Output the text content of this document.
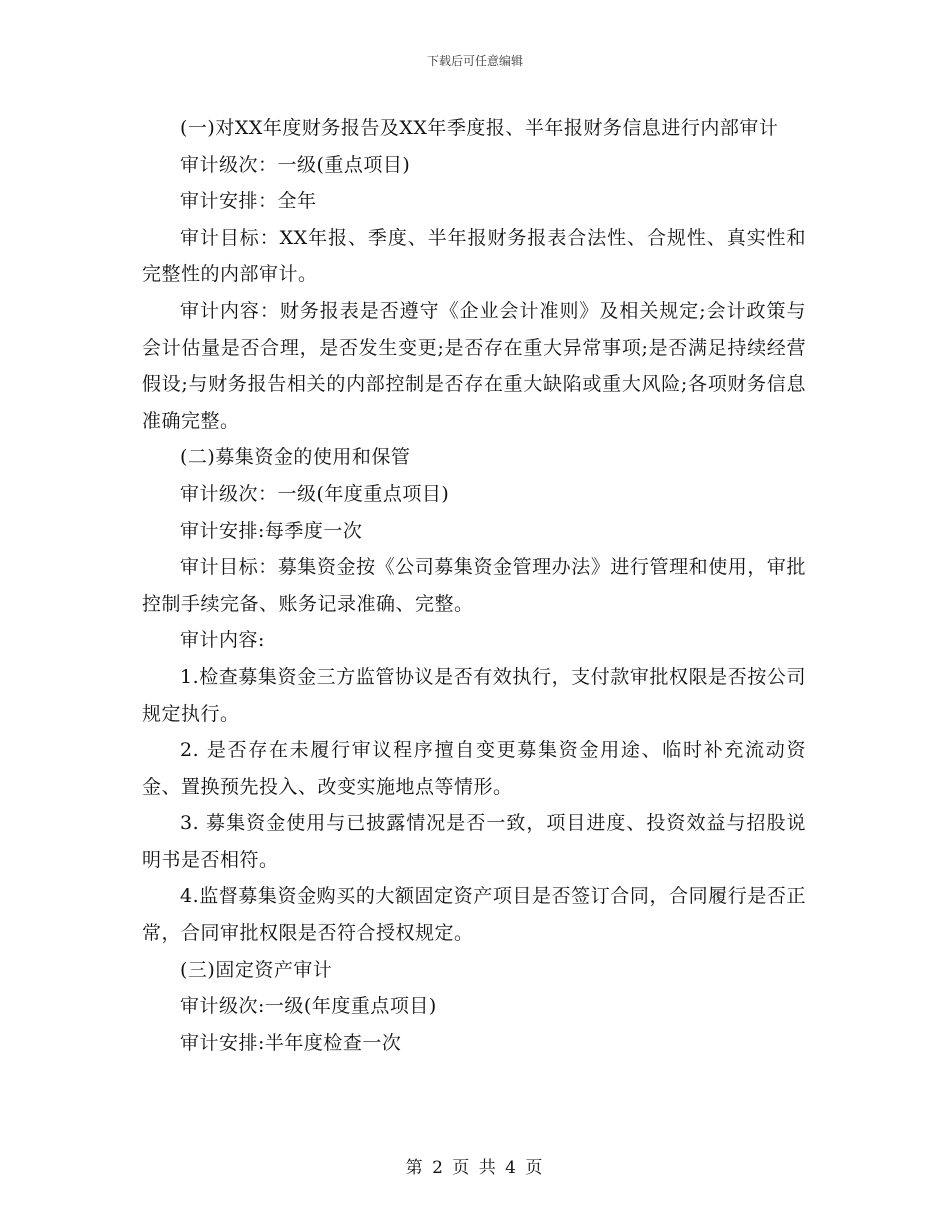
下载后可任意编辑

(一)对XX年度财务报告及XX年季度报、半年报财务信息进行内部审计

审计级次：一级(重点项目)

审计安排：全年

审计目标：XX年报、季度、半年报财务报表合法性、合规性、真实性和完整性的内部审计。

审计内容：财务报表是否遵守《企业会计准则》及相关规定;会计政策与会计估量是否合理，是否发生变更;是否存在重大异常事项;是否满足持续经营假设;与财务报告相关的内部控制是否存在重大缺陷或重大风险;各项财务信息准确完整。

(二)募集资金的使用和保管

审计级次：一级(年度重点项目)

审计安排:每季度一次

审计目标：募集资金按《公司募集资金管理办法》进行管理和使用，审批控制手续完备、账务记录准确、完整。

审计内容:

1.检查募集资金三方监管协议是否有效执行，支付款审批权限是否按公司规定执行。

2. 是否存在未履行审议程序擅自变更募集资金用途、临时补充流动资金、置换预先投入、改变实施地点等情形。

3. 募集资金使用与已披露情况是否一致，项目进度、投资效益与招股说明书是否相符。

4.监督募集资金购买的大额固定资产项目是否签订合同，合同履行是否正常，合同审批权限是否符合授权规定。

(三)固定资产审计

审计级次:一级(年度重点项目)

审计安排:半年度检查一次

第 2 页 共 4 页
